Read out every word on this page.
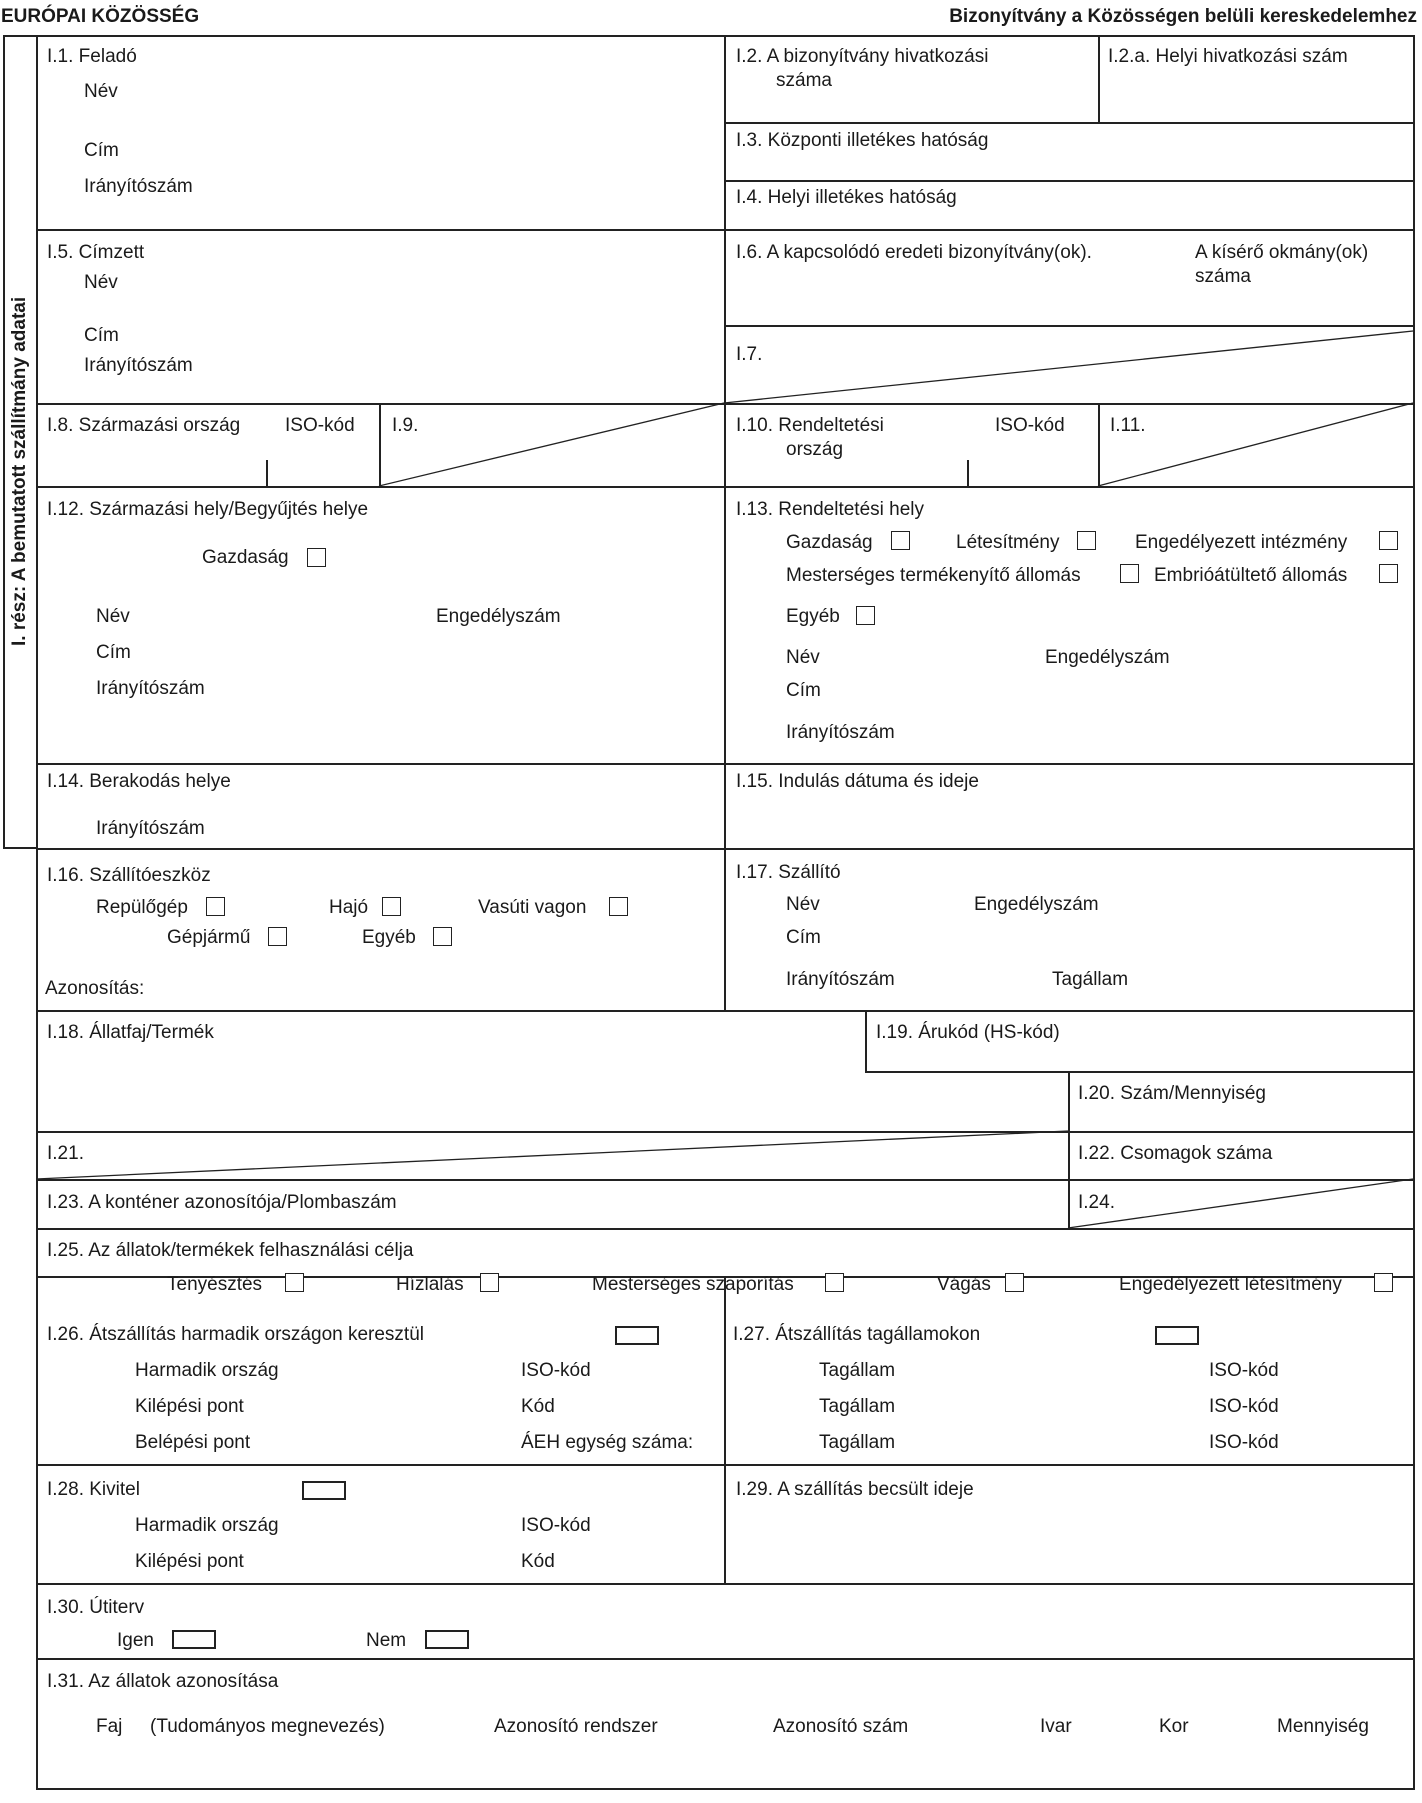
EURÓPAI KÖZÖSSÉG	Bizonyítvány a Közösségen belüli kereskedelemhez
I. rész: A bemutatott szállítmány adatai
I.1. Feladó
Név
Cím
Irányítószám
I.2. A bizonyítvány hivatkozási
száma
I.2.a. Helyi hivatkozási szám
I.3. Központi illetékes hatóság
I.4. Helyi illetékes hatóság
I.5. Címzett
Név
Cím
Irányítószám
I.6. A kapcsolódó eredeti bizonyítvány(ok).	A kísérő okmány(ok)
száma
I.7.
I.8. Származási ország ISO-kód I.9.	I.10. Rendeltetési
ország
ISO-kód I.11.
I.12. Származási hely/Begyűjtés helye
Gazdaság
Név	Engedélyszám
Cím
Irányítószám
I.13. Rendeltetési hely
Gazdaság	Létesítmény	Engedélyezett intézmény
Mesterséges termékenyítő állomás	Embrióátültető állomás
Egyéb
Név	Engedélyszám
Cím
Irányítószám
I.14. Berakodás helye
Irányítószám
I.15. Indulás dátuma és ideje
I.16. Szállítóeszköz
Repülőgép	Hajó	Vasúti vagon
Gépjármű	Egyéb
Azonosítás:
I.17. Szállító
Név	Engedélyszám
Cím
Irányítószám	Tagállam
I.18. Állatfaj/Termék	I.19. Árukód (HS-kód)
I.20. Szám/Mennyiség
I.21.	I.22. Csomagok száma
I.23. A konténer azonosítója/Plombaszám	I.24.
I.25. Az állatok/termékek felhasználási célja
Tenyésztés	Hízlalás	Mesterséges szaporítás	Vágás	Engedélyezett létesítmény
I.26. Átszállítás harmadik országon keresztül
Harmadik ország	ISO-kód
Kilépési pont	Kód
Belépési pont	ÁEH egység száma:
I.27. Átszállítás tagállamokon
Tagállam	ISO-kód
Tagállam	ISO-kód
Tagállam	ISO-kód
I.28. Kivitel
Harmadik ország	ISO-kód
Kilépési pont	Kód
I.29. A szállítás becsült ideje
I.30. Útiterv
Igen	Nem
I.31. Az állatok azonosítása
Faj (Tudományos megnevezés)	Azonosító rendszer	Azonosító szám	Ivar	Kor	Mennyiség
